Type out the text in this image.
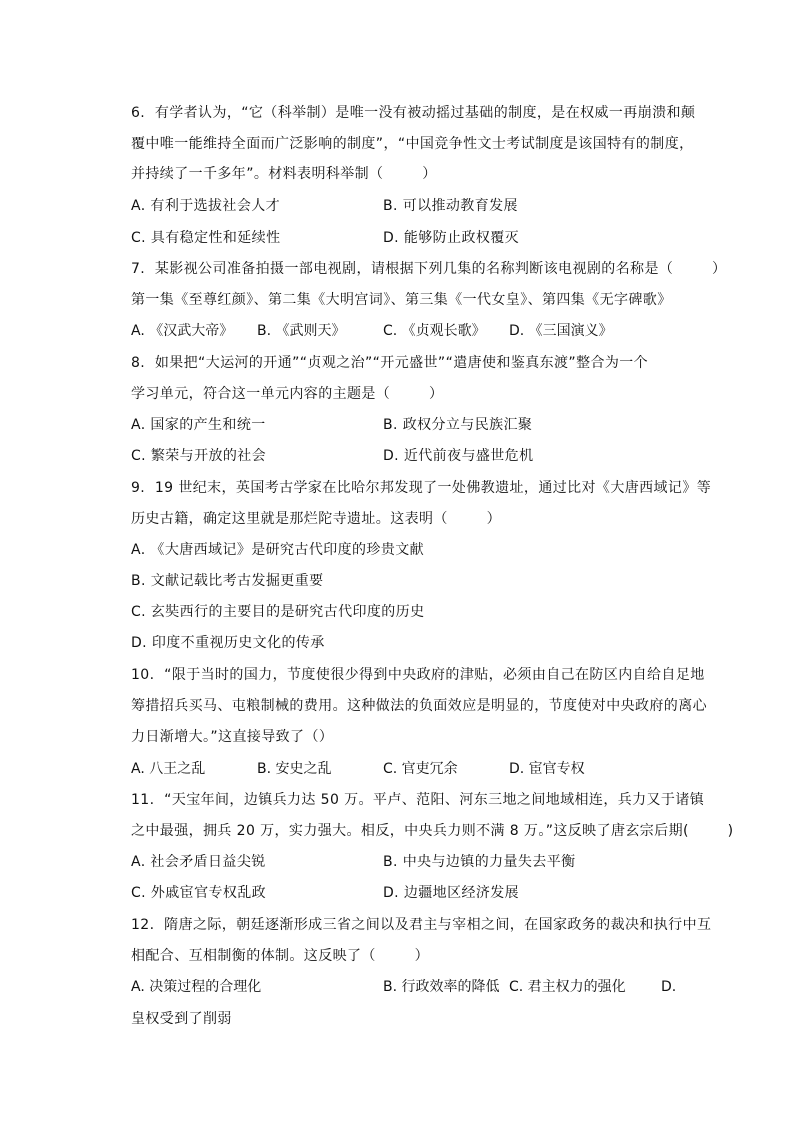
6.  有学者认为，“它（科举制）是唯一没有被动摇过基础的制度，是在权威一再崩溃和颠
覆中唯一能维持全面而广泛影响的制度”，“中国竞争性文士考试制度是该国特有的制度，
并持续了一千多年”。材料表明科举制（        ）
A. 有利于选拔社会人才	B. 可以推动教育发展
C. 具有稳定性和延续性	D. 能够防止政权覆灭
7.  某影视公司准备拍摄一部电视剧，请根据下列几集的名称判断该电视剧的名称是（        ）
第一集《至尊红颜》、第二集《大明宫词》、第三集《一代女皇》、第四集《无字碑歌》
A. 《汉武大帝》 B. 《武则天》	C. 《贞观长歌》 D. 《三国演义》
8.  如果把“大运河的开通”“贞观之治”“开元盛世”“遣唐使和鉴真东渡”整合为一个
学习单元，符合这一单元内容的主题是（        ）
A. 国家的产生和统一	B. 政权分立与民族汇聚
C. 繁荣与开放的社会	D. 近代前夜与盛世危机
9.  19 世纪末，英国考古学家在比哈尔邦发现了一处佛教遗址，通过比对《大唐西域记》等
历史古籍，确定这里就是那烂陀寺遗址。这表明（        ）
A. 《大唐西域记》是研究古代印度的珍贵文献
B. 文献记载比考古发掘更重要
C. 玄奘西行的主要目的是研究古代印度的历史
D. 印度不重视历史文化的传承
10.  “限于当时的国力，节度使很少得到中央政府的津贴，必须由自己在防区内自给自足地
筹措招兵买马、屯粮制械的费用。这种做法的负面效应是明显的，节度使对中央政府的离心
力日渐增大。”这直接导致了（）
A. 八王之乱	B. 安史之乱	C. 官吏冗余	D. 宦官专权
11.  “天宝年间，边镇兵力达 50 万。平卢、范阳、河东三地之间地域相连，兵力又于诸镇
之中最强，拥兵 20 万，实力强大。相反，中央兵力则不满 8 万。”这反映了唐玄宗后期(        )
A. 社会矛盾日益尖锐	B. 中央与边镇的力量失去平衡
C. 外戚宦官专权乱政	D. 边疆地区经济发展
12.  隋唐之际，朝廷逐渐形成三省之间以及君主与宰相之间，在国家政务的裁决和执行中互
相配合、互相制衡的体制。这反映了（        ）
A. 决策过程的合理化	B. 行政效率的降低 C. 君主权力的强化	D.
皇权受到了削弱
